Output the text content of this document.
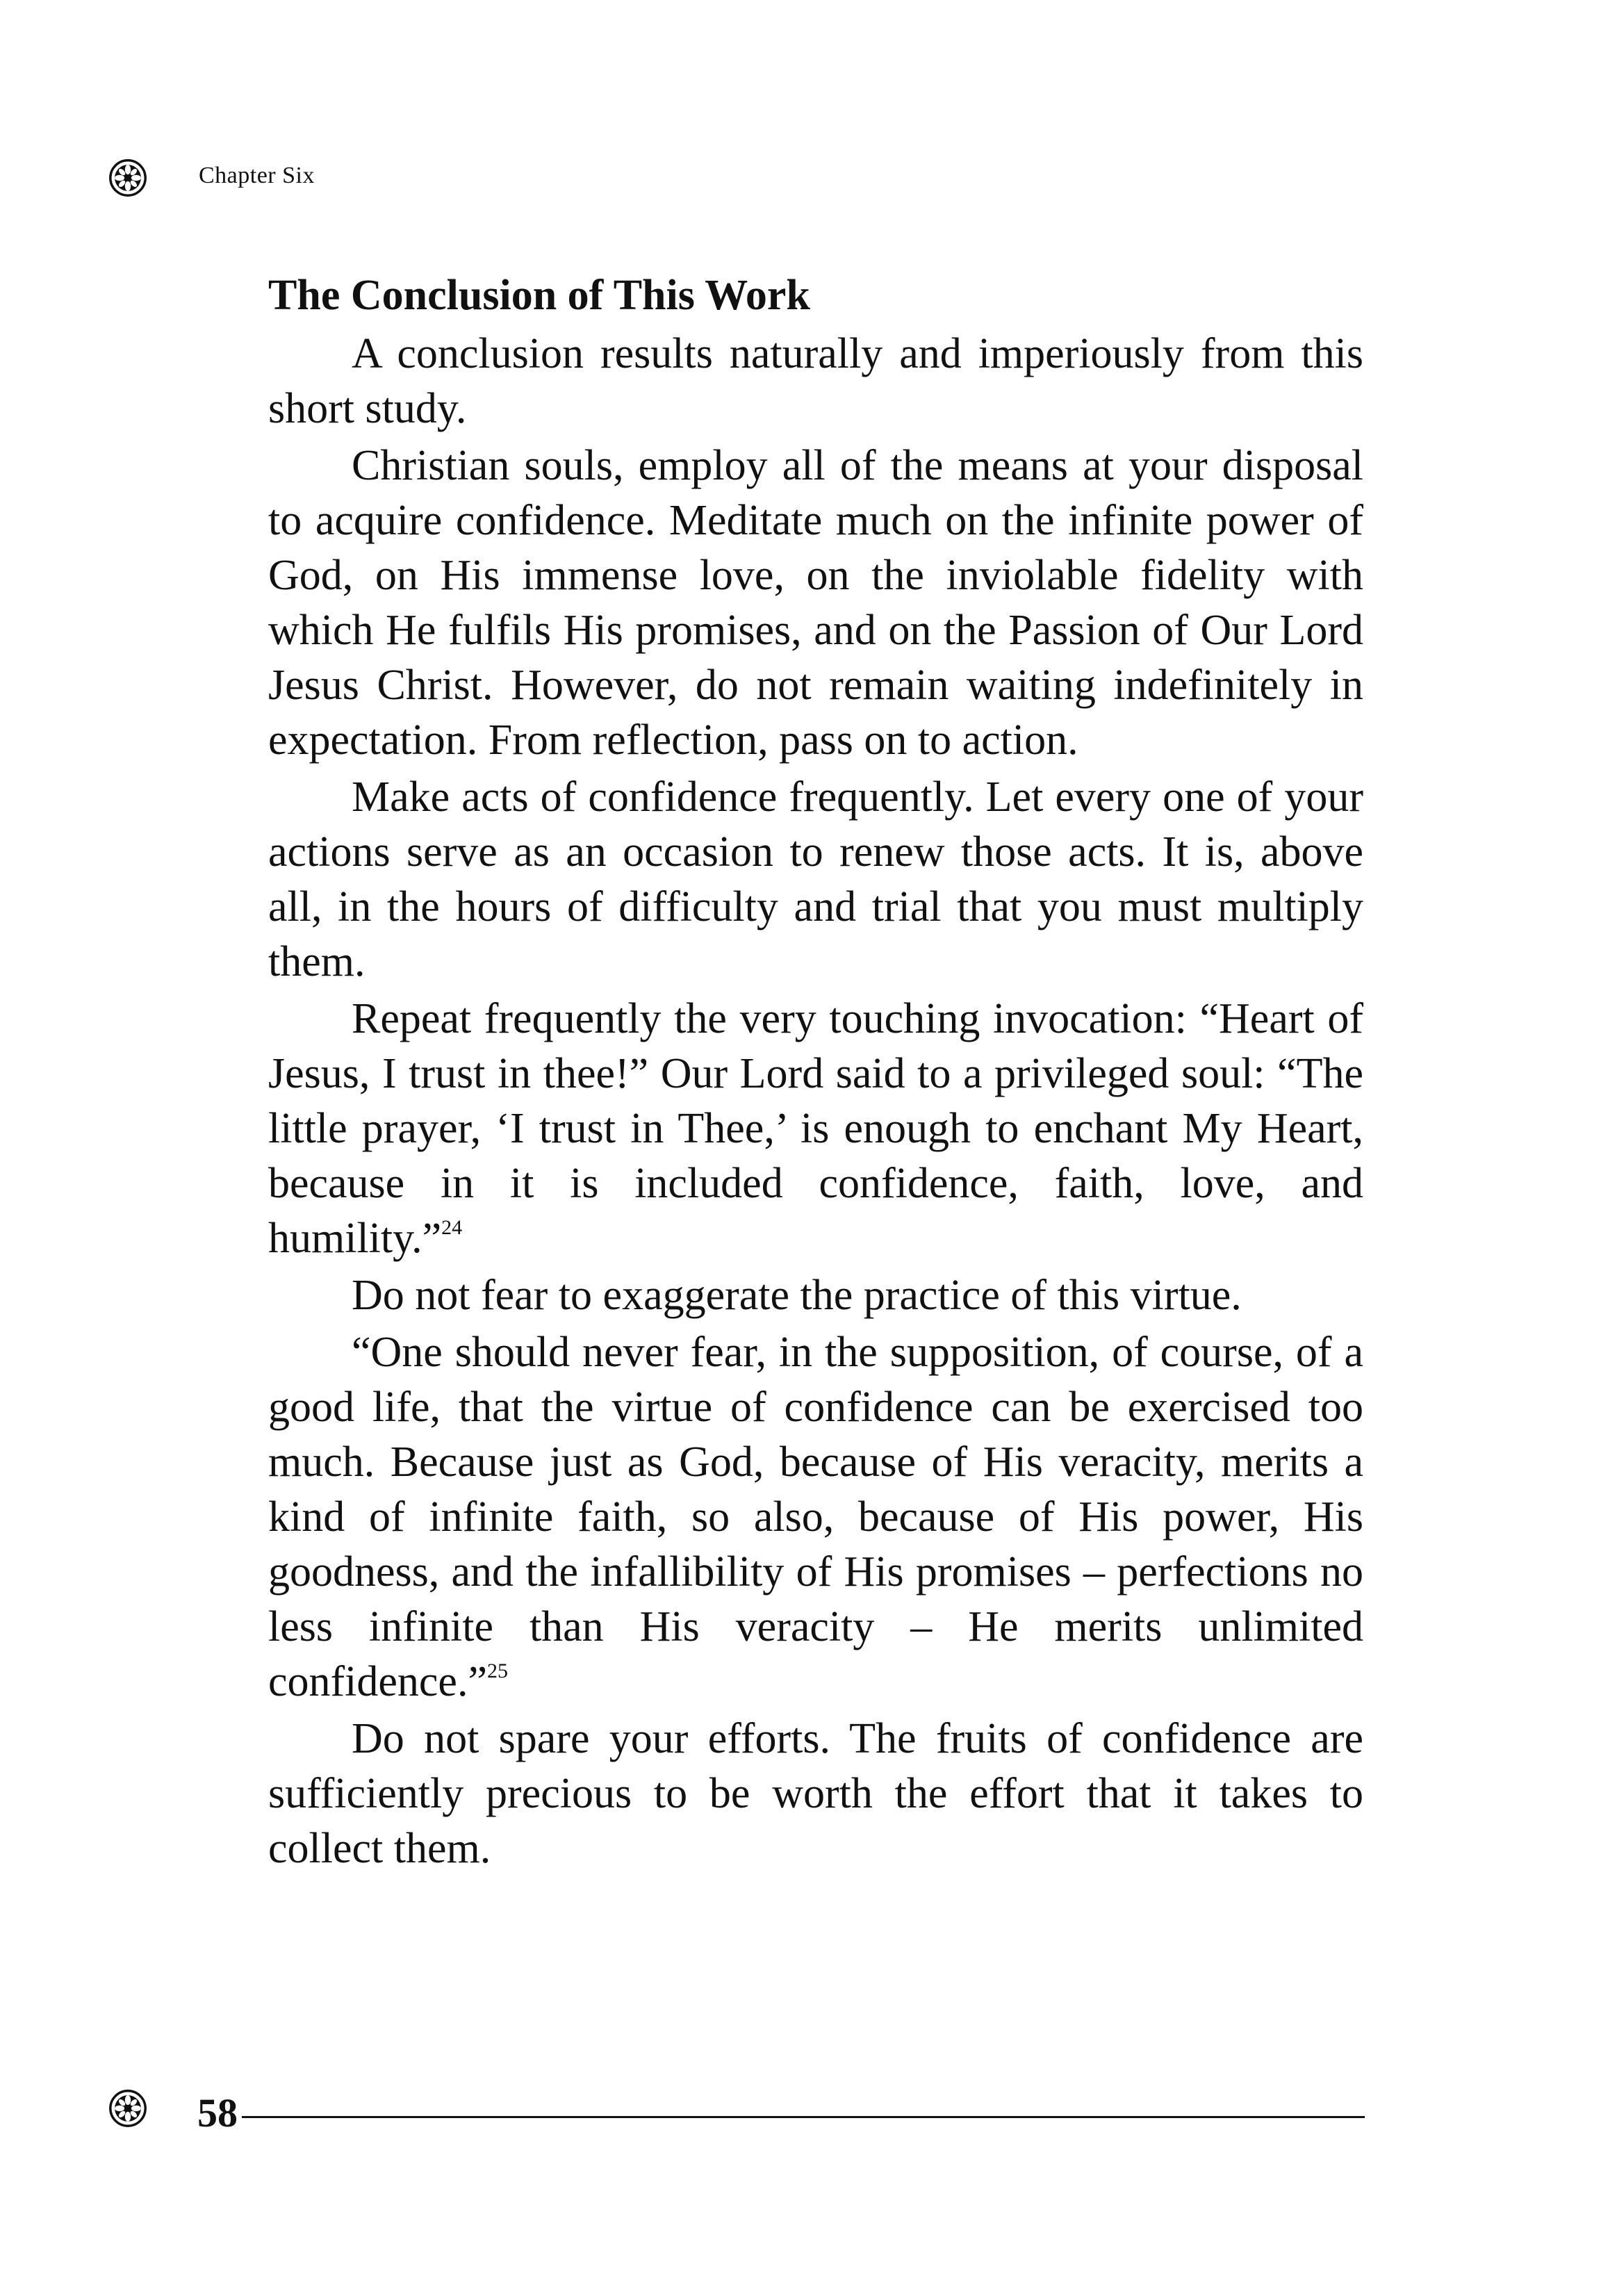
Chapter Six
The Conclusion of This Work

A conclusion results naturally and imperiously from this short study.

Christian souls, employ all of the means at your disposal to acquire confidence. Meditate much on the infinite power of God, on His immense love, on the inviolable fidelity with which He fulfils His promises, and on the Passion of Our Lord Jesus Christ. However, do not remain waiting indefinitely in expectation. From reflection, pass on to action.

Make acts of confidence frequently. Let every one of your actions serve as an occasion to renew those acts. It is, above all, in the hours of difficulty and trial that you must multiply them.

Repeat frequently the very touching invocation: “Heart of Jesus, I trust in thee!” Our Lord said to a privileged soul: “The little prayer, ‘I trust in Thee,’ is enough to enchant My Heart, because in it is included confidence, faith, love, and humility.”$^{24}$

Do not fear to exaggerate the practice of this virtue.

“One should never fear, in the supposition, of course, of a good life, that the virtue of confidence can be exercised too much. Because just as God, because of His veracity, merits a kind of infinite faith, so also, because of His power, His goodness, and the infallibility of His promises – perfections no less infinite than His veracity – He merits unlimited confidence.”$^{25}$

Do not spare your efforts. The fruits of confidence are sufficiently precious to be worth the effort that it takes to collect them.

58
